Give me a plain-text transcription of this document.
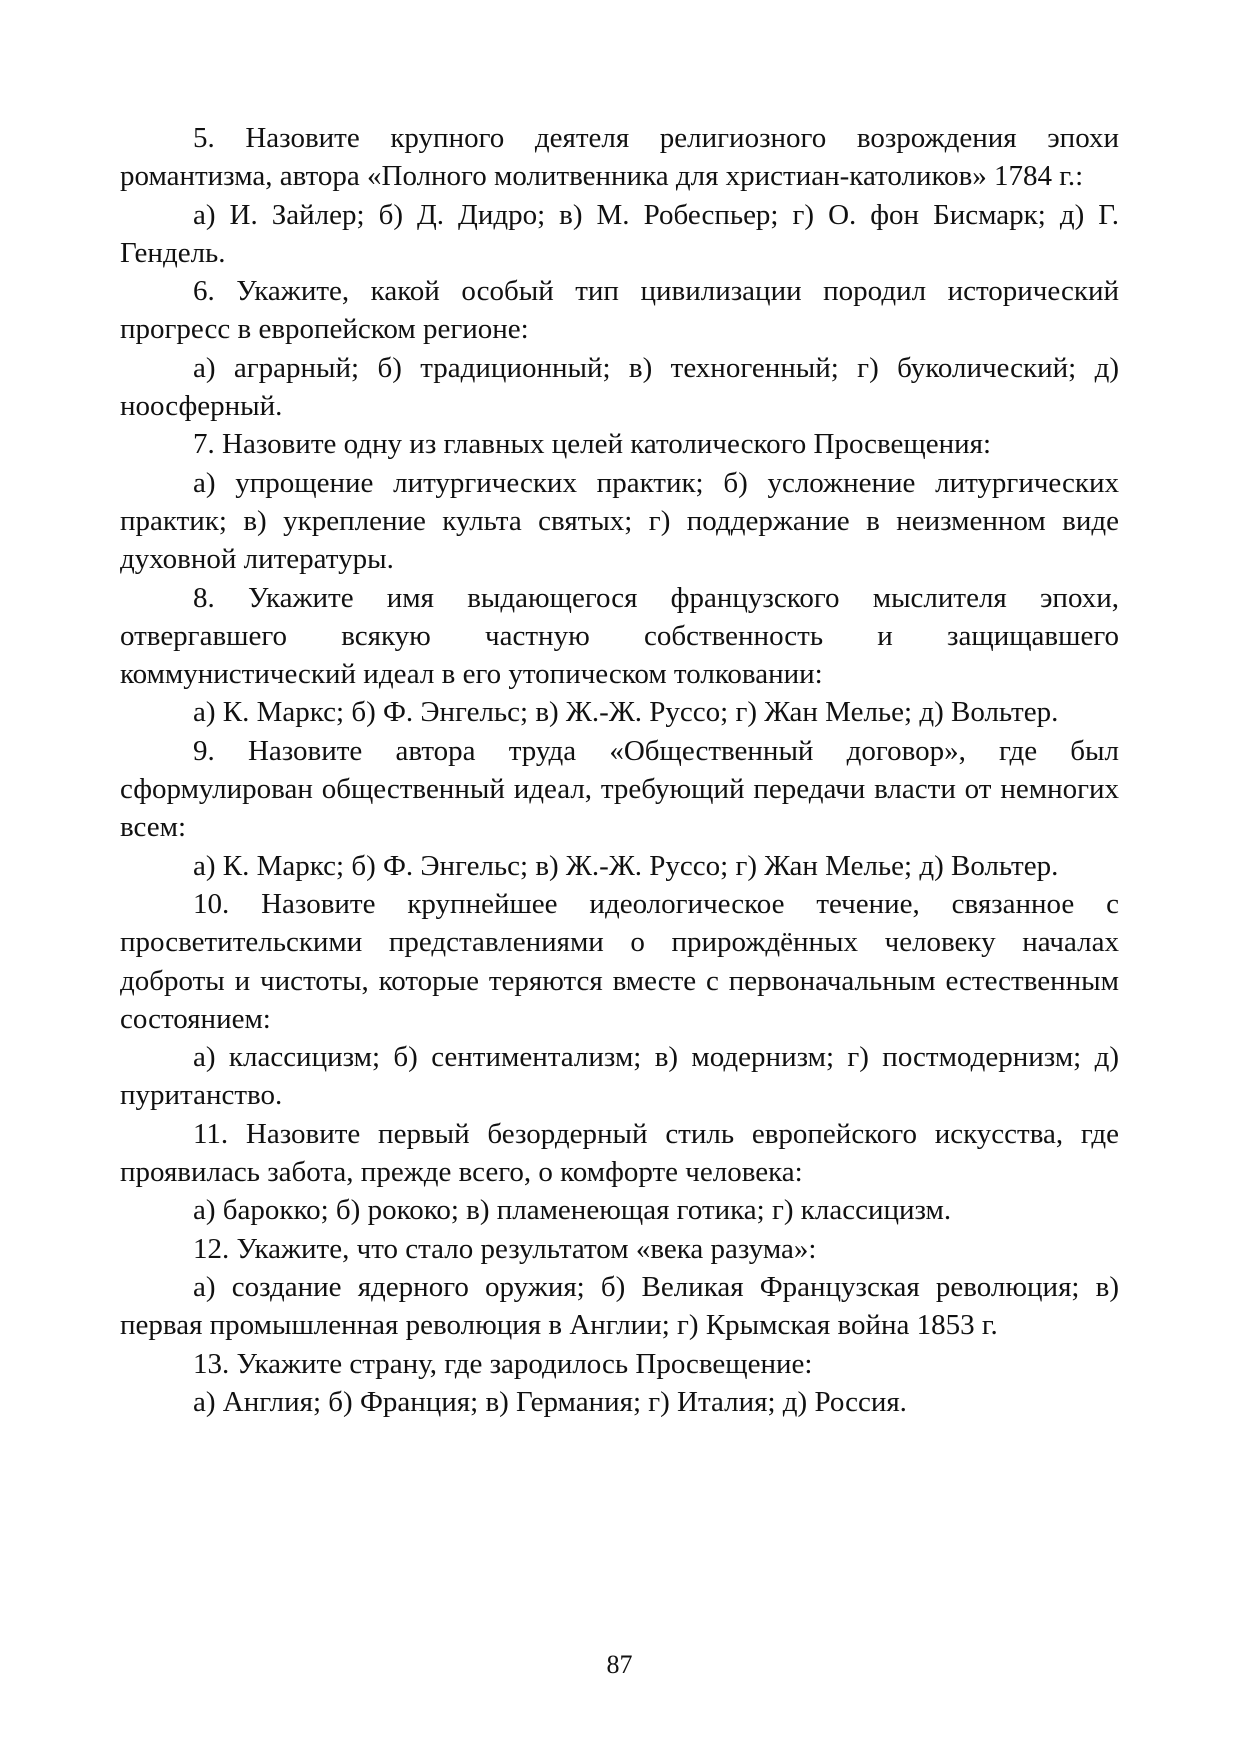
5. Назовите крупного деятеля религиозного возрождения эпохи романтизма, автора «Полного молитвенника для христиан-католиков» 1784 г.:

а) И. Зайлер; б) Д. Дидро; в) М. Робеспьер; г) О. фон Бисмарк; д) Г. Гендель.

6. Укажите, какой особый тип цивилизации породил исторический прогресс в европейском регионе:

а) аграрный; б) традиционный; в) техногенный; г) буколический; д) ноосферный.

7. Назовите одну из главных целей католического Просвещения:

а) упрощение литургических практик; б) усложнение литургических практик; в) укрепление культа святых; г) поддержание в неизменном виде духовной литературы.

8. Укажите имя выдающегося французского мыслителя эпохи, отвергавшего всякую частную собственность и защищавшего коммунистический идеал в его утопическом толковании:

а) К. Маркс; б) Ф. Энгельс; в) Ж.-Ж. Руссо; г) Жан Мелье; д) Вольтер.

9. Назовите автора труда «Общественный договор», где был сформулирован общественный идеал, требующий передачи власти от немногих всем:

а) К. Маркс; б) Ф. Энгельс; в) Ж.-Ж. Руссо; г) Жан Мелье; д) Вольтер.

10. Назовите крупнейшее идеологическое течение, связанное с просветительскими представлениями о прирождённых человеку началах доброты и чистоты, которые теряются вместе с первоначальным естественным состоянием:

а) классицизм; б) сентиментализм; в) модернизм; г) постмодернизм; д) пуританство.

11. Назовите первый безордерный стиль европейского искусства, где проявилась забота, прежде всего, о комфорте человека:

а) барокко; б) рококо; в) пламенеющая готика; г) классицизм.

12. Укажите, что стало результатом «века разума»:

а) создание ядерного оружия; б) Великая Французская революция; в) первая промышленная революция в Англии; г) Крымская война 1853 г.

13. Укажите страну, где зародилось Просвещение:

а) Англия; б) Франция; в) Германия; г) Италия; д) Россия.

87
